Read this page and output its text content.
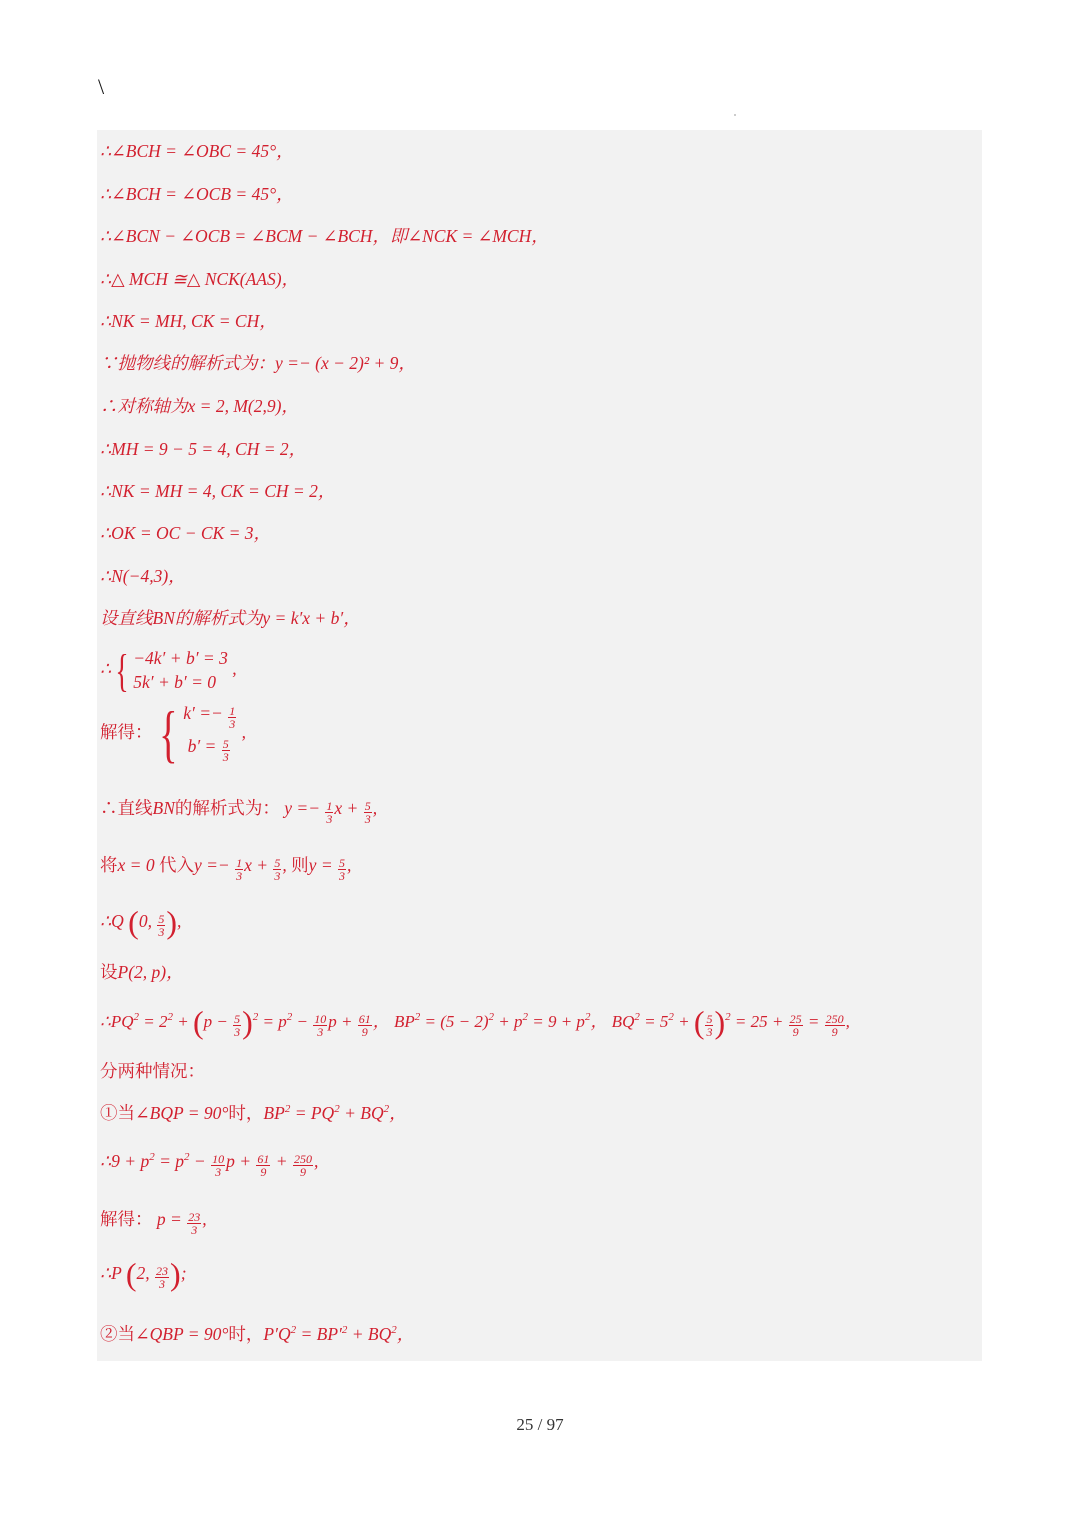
\

∴∠BCH = ∠OBC = 45°，

∴∠BCH = ∠OCB = 45°，

∴∠BCN − ∠OCB = ∠BCM − ∠BCH，即∠NCK = ∠MCH，

∴△ MCH ≅△ NCK(AAS)，

∴NK = MH, CK = CH，

∵抛物线的解析式为：y =− (x − 2)² + 9，

∴对称轴为x = 2, M(2,9)，

∴MH = 9 − 5 = 4, CH = 2，

∴NK = MH = 4, CK = CH = 2，

∴OK = OC − CK = 3，

∴N(−4,3)，

设直线BN的解析式为y = k′x + b′，

∴ { −4k′ + b′ = 3
5k′ + b′ = 0
,
解得： { $k' =- \frac{1}{3}$
$b' = \frac{5}{3}$
,
∴直线BN的解析式为： $y =- \frac{1}{3}$ $x + \frac{5}{3}$ ,
将x = 0 代入$y =- \frac{1}{3}$ $x + \frac{5}{3}$ , 则$y = \frac{5}{3}$ ,
∴Q (0, $\frac{5}{3}$ ),
设P(2, p)，
$\therefore PQ^2 = 2^2 + (p - \frac{5}{3} )^2 = p^2 - \frac{10}{3}$ $p + \frac{61}{9}$ ， $BP^2 = (5 - 2)^2 + p^2 = 9 + p^2$， $BQ^2 = 5^2$ + ( $\frac{5}{3} )^2 = 25 + \frac{25}{9} = \frac{250}{9}$ ,

分两种情况：

①当∠BQP = 90°时，$BP^2 = PQ^2 + BQ^2$，
∴9 + $p^2 = p^2 - \frac{10}{3}$ $p + \frac{61}{9} + \frac{250}{9}$ ,
解得： $p = \frac{23}{3}$ ,
∴P (2, $\frac{23}{3}$ );
②当∠QBP = 90°时，$P'Q^2 = BP'^2 + BQ^2$，
25 / 97
